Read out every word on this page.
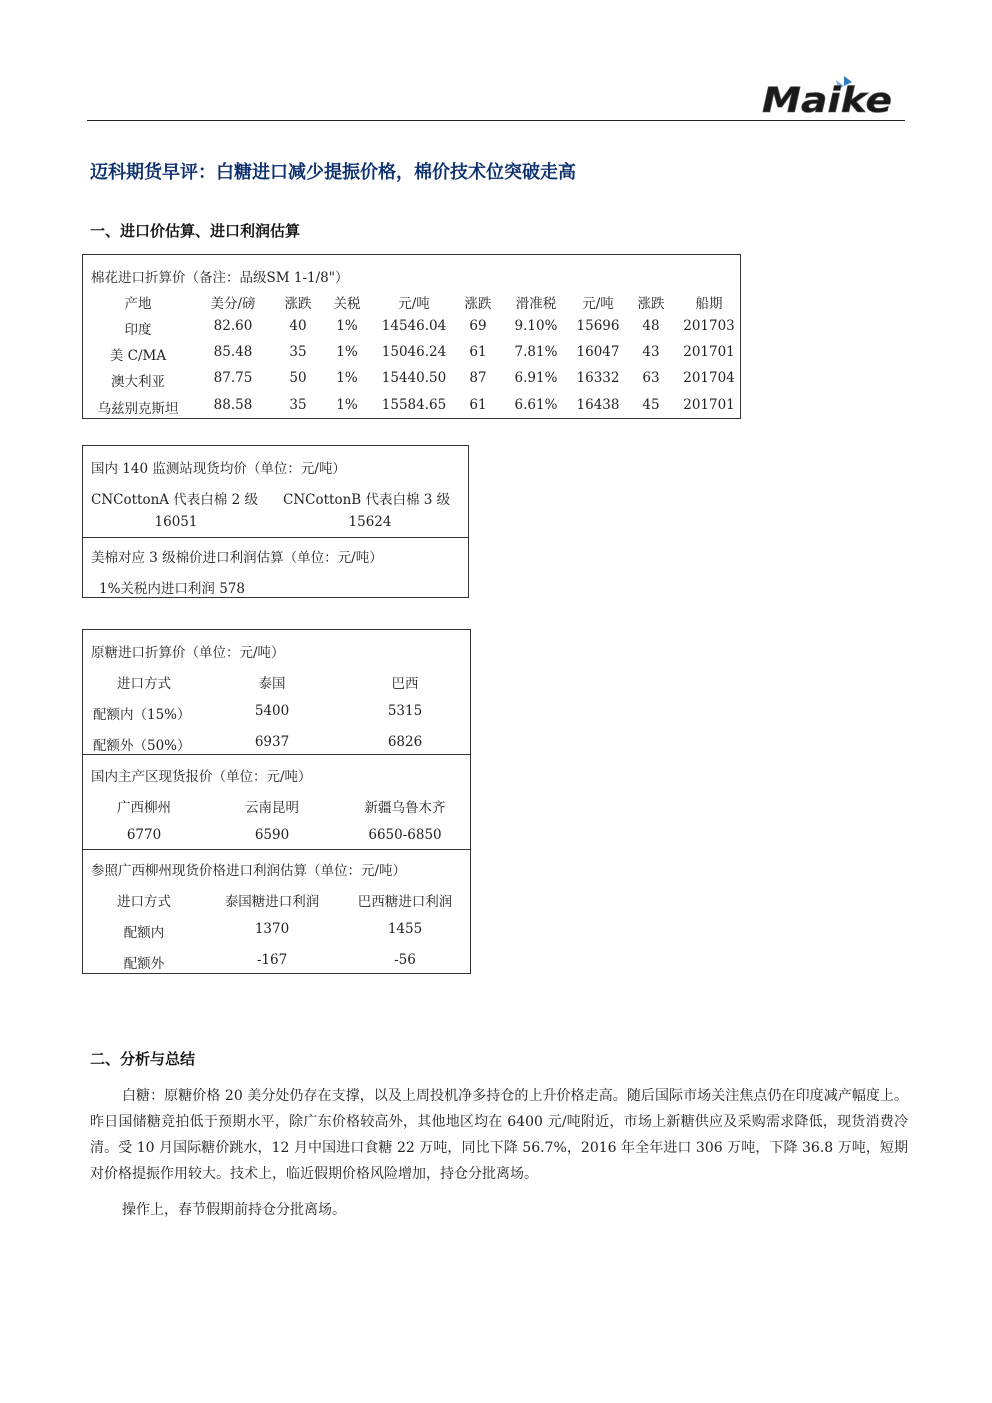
Maike
迈科期货早评：白糖进口减少提振价格，棉价技术位突破走高
一、进口价估算、进口利润估算
棉花进口折算价（备注：品级SM 1-1/8"）
产地	美分/磅 涨跌 关税	元/吨	涨跌 滑准税 元/吨 涨跌 船期
印度	82.60	40 1% 14546.04 69 9.10% 15696 48 201703
美 C/MA	85.48	35 1% 15046.24 61 7.81% 16047 43 201701
澳大利亚	87.75	50 1% 15440.50 87 6.91% 16332 63 201704
乌兹别克斯坦	88.58	35 1% 15584.65 61 6.61% 16438 45 201701
国内 140 监测站现货均价（单位：元/吨）
CNCottonA 代表白棉 2 级 CNCottonB 代表白棉 3 级
16051	15624
美棉对应 3 级棉价进口利润估算（单位：元/吨）
1%关税内进口利润 578
原糖进口折算价（单位：元/吨）
进口方式	泰国	巴西
配额内（15%）	5400	5315
配额外（50%）	6937	6826
国内主产区现货报价（单位：元/吨）
广西柳州	云南昆明	新疆乌鲁木齐
6770	6590	6650-6850
参照广西柳州现货价格进口利润估算（单位：元/吨）
进口方式	泰国糖进口利润	巴西糖进口利润
配额内	1370	1455
配额外	-167	-56
二、分析与总结

白糖：原糖价格 20 美分处仍存在支撑，以及上周投机净多持仓的上升价格走高。随后国际市场关注焦点仍在印度减产幅度上。昨日国储糖竞拍低于预期水平，除广东价格较高外，其他地区均在 6400 元/吨附近，市场上新糖供应及采购需求降低，现货消费冷清。受 10 月国际糖价跳水，12 月中国进口食糖 22 万吨，同比下降 56.7%，2016 年全年进口 306 万吨，下降 36.8 万吨，短期对价格提振作用较大。技术上，临近假期价格风险增加，持仓分批离场。

操作上，春节假期前持仓分批离场。
